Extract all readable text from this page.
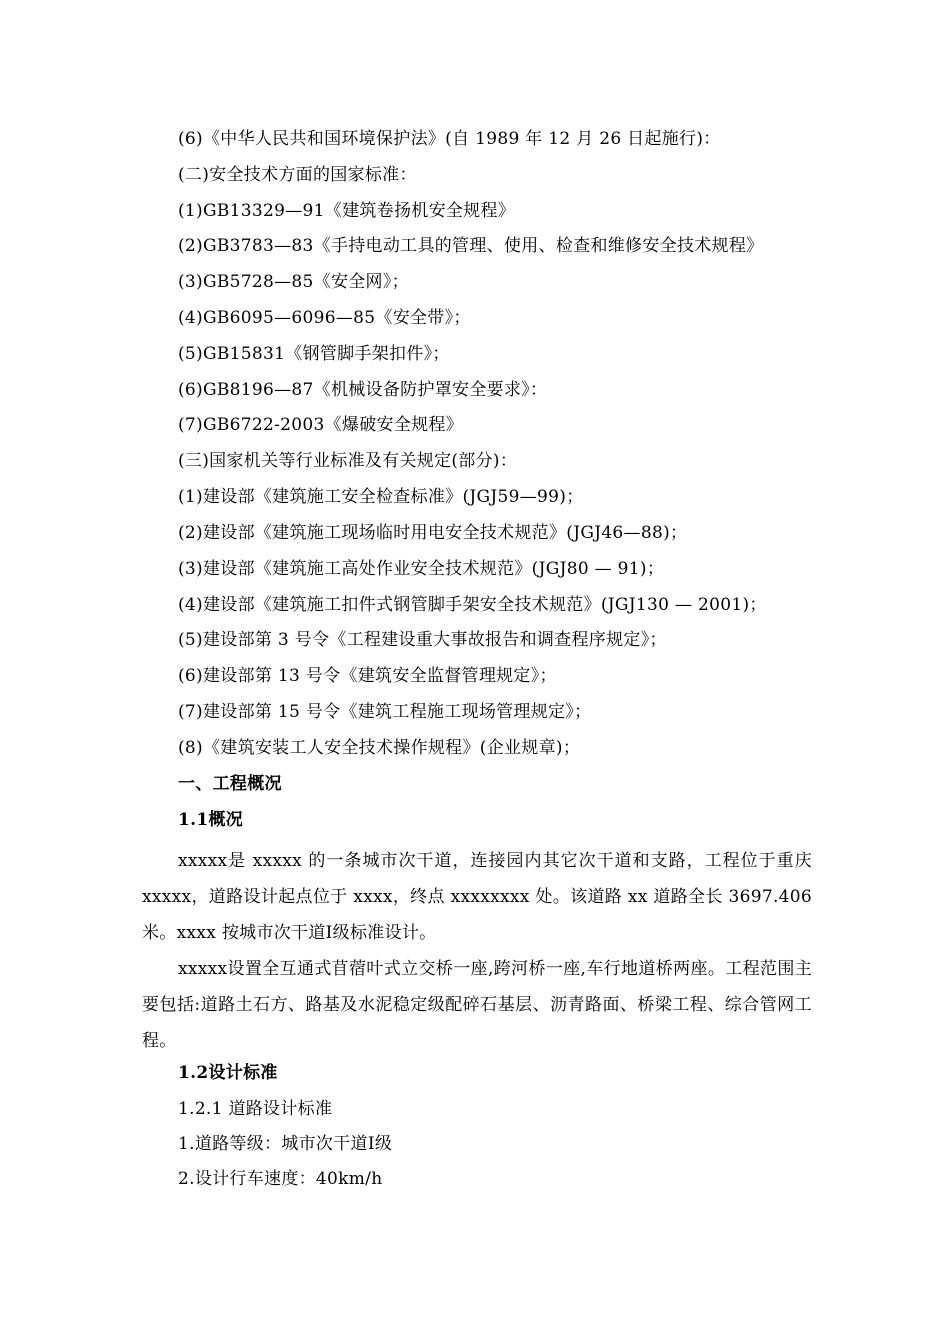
(6)《中华人民共和国环境保护法》(自 1989 年 12 月 26 日起施行)：
(二)安全技术方面的国家标准：
(1)GB13329—91《建筑卷扬机安全规程》
(2)GB3783—83《手持电动工具的管理、使用、检查和维修安全技术规程》
(3)GB5728—85《安全网》；
(4)GB6095—6096—85《安全带》；
(5)GB15831《钢管脚手架扣件》；
(6)GB8196—87《机械设备防护罩安全要求》：
(7)GB6722-2003《爆破安全规程》
(三)国家机关等行业标准及有关规定(部分)：
(1)建设部《建筑施工安全检查标准》(JGJ59—99)；
(2)建设部《建筑施工现场临时用电安全技术规范》(JGJ46—88)；
(3)建设部《建筑施工高处作业安全技术规范》(JGJ80 — 91)；
(4)建设部《建筑施工扣件式钢管脚手架安全技术规范》(JGJ130 — 2001)；
(5)建设部第 3 号令《工程建设重大事故报告和调查程序规定》；
(6)建设部第 13 号令《建筑安全监督管理规定》；
(7)建设部第 15 号令《建筑工程施工现场管理规定》；
(8)《建筑安装工人安全技术操作规程》(企业规章)；
一、工程概况
1.1概况
xxxxx是 xxxxx 的一条城市次干道，连接园内其它次干道和支路，工程位于重庆 xxxxx，道路设计起点位于 xxxx，终点 xxxxxxxx 处。该道路 xx 道路全长 3697.406 米。xxxx 按城市次干道Ⅰ级标准设计。
xxxxx设置全互通式苜蓿叶式立交桥一座,跨河桥一座,车行地道桥两座。工程范围主要包括:道路土石方、路基及水泥稳定级配碎石基层、沥青路面、桥梁工程、综合管网工程。
1.2设计标准
1.2.1 道路设计标准
1.道路等级：城市次干道Ⅰ级
2.设计行车速度：40km/h
